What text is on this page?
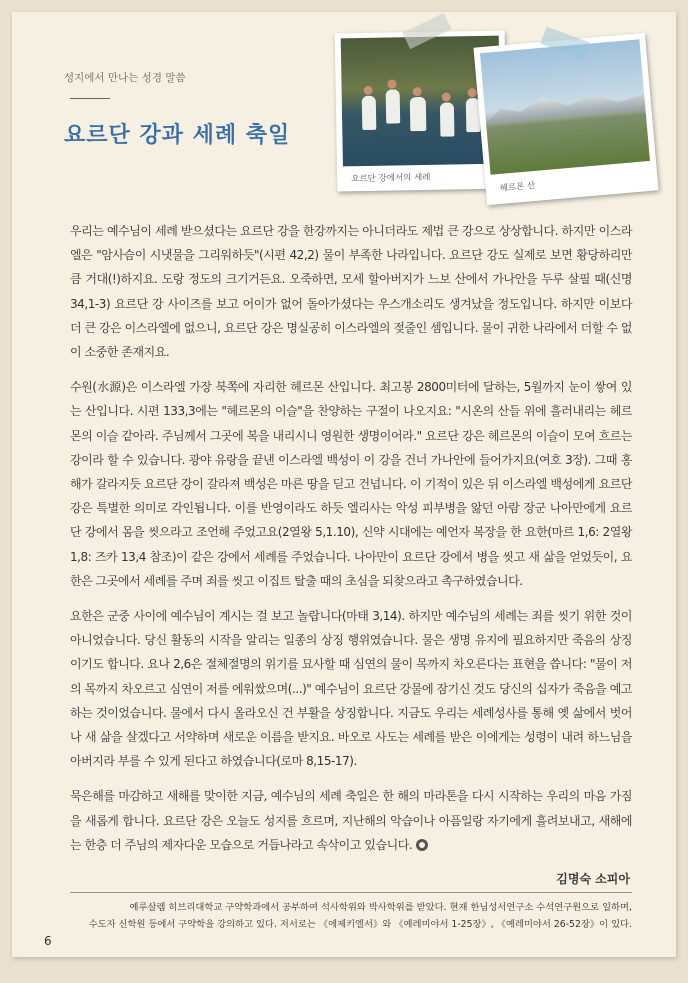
성지에서 만나는 성경 말씀
요르단 강과 세례 축일
요르단 강에서의 세례
헤르몬 산

우리는 예수님이 세례 받으셨다는 요르단 강을 한강까지는 아니더라도 제법 큰 강으로 상상합니다. 하지만 이스라엘은 "암사슴이 시냇물을 그리워하듯"(시편 42,2) 물이 부족한 나라입니다. 요르단 강도 실제로 보면 황당하리만큼 거대(!)하지요. 도랑 정도의 크기거든요. 오죽하면, 모세 할아버지가 느보 산에서 가나안을 두루 살필 때(신명 34,1-3) 요르단 강 사이즈를 보고 어이가 없어 돌아가셨다는 우스개소리도 생겨났을 정도입니다. 하지만 이보다 더 큰 강은 이스라엘에 없으니, 요르단 강은 명실공히 이스라엘의 젖줄인 셈입니다. 물이 귀한 나라에서 더할 수 없이 소중한 존재지요.

수원(水源)은 이스라엘 가장 북쪽에 자리한 헤르몬 산입니다. 최고봉 2800미터에 달하는, 5월까지 눈이 쌓여 있는 산입니다. 시편 133,3에는 "헤르몬의 이슬"을 찬양하는 구절이 나오지요: "시온의 산들 위에 흘러내리는 헤르몬의 이슬 같아라. 주님께서 그곳에 복을 내리시니 영원한 생명이어라." 요르단 강은 헤르몬의 이슬이 모여 흐르는 강이라 할 수 있습니다. 광야 유랑을 끝낸 이스라엘 백성이 이 강을 건너 가나안에 들어가지요(여호 3장). 그때 홍해가 갈라지듯 요르단 강이 갈라져 백성은 마른 땅을 딛고 건넙니다. 이 기적이 있은 뒤 이스라엘 백성에게 요르단 강은 특별한 의미로 각인됩니다. 이를 반영이라도 하듯 엘리사는 악성 피부병을 앓던 아람 장군 나아만에게 요르단 강에서 몸을 씻으라고 조언해 주었고요(2열왕 5,1.10), 신약 시대에는 예언자 복장을 한 요한(마르 1,6: 2열왕 1,8: 즈카 13,4 참조)이 같은 강에서 세례를 주었습니다. 나아만이 요르단 강에서 병을 씻고 새 삶을 얻었듯이, 요한은 그곳에서 세례를 주며 죄를 씻고 이집트 탈출 때의 초심을 되찾으라고 촉구하였습니다.

요한은 군중 사이에 예수님이 계시는 걸 보고 놀랍니다(마태 3,14). 하지만 예수님의 세례는 죄를 씻기 위한 것이 아니었습니다. 당신 활동의 시작을 알리는 일종의 상징 행위였습니다. 물은 생명 유지에 필요하지만 죽음의 상징이기도 합니다. 요나 2,6은 절체절명의 위기를 묘사할 때 심연의 물이 목까지 차오른다는 표현을 씁니다: "물이 저의 목까지 차오르고 심연이 저를 에워쌌으며(...)" 예수님이 요르단 강물에 잠기신 것도 당신의 십자가 죽음을 예고하는 것이었습니다. 물에서 다시 올라오신 건 부활을 상징합니다. 지금도 우리는 세례성사를 통해 옛 삶에서 벗어나 새 삶을 살겠다고 서약하며 새로운 이름을 받지요. 바오로 사도는 세례를 받은 이에게는 성령이 내려 하느님을 아버지라 부를 수 있게 된다고 하였습니다(로마 8,15-17).

묵은해를 마감하고 새해를 맞이한 지금, 예수님의 세례 축일은 한 해의 마라톤을 다시 시작하는 우리의 마음 가짐을 새롭게 합니다. 요르단 강은 오늘도 성지를 흐르며, 지난해의 악습이나 아픔일랑 자기에게 흘려보내고, 새해에는 한층 더 주님의 제자다운 모습으로 거듭나라고 속삭이고 있습니다.

김명숙 소피아
예루살렘 히브리대학교 구약학과에서 공부하여 석사학위와 박사학위를 받았다. 현재 한님성서연구소 수석연구원으로 일하며,
수도자 신학원 등에서 구약학을 강의하고 있다. 저서로는 《에제키엘서》와 《예레미야서 1-25장》, 《예레미야서 26-52장》이 있다.
6
